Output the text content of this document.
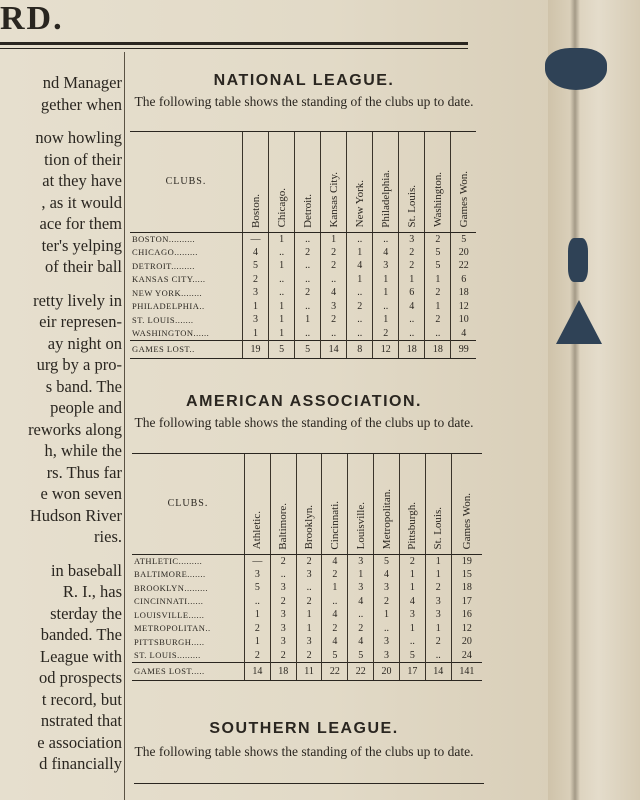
RD.
nd Manager
gether when
now howling
tion of their
at they have
, as it would
ace for them
ter's yelping
of their ball
retty lively in
eir represen-
ay night on
urg by a pro-
s band. The
people and
reworks along
h, while the
rs. Thus far
e won seven
Hudson River
ries.
in baseball
R. I., has
sterday the
banded. The
League with
od prospects
t record, but
nstrated that
e association
d financially
NATIONAL LEAGUE.
The following table shows the standing of the clubs up to date.
CLUBS.	Boston.	Chicago.	Detroit.	Kansas City.	New York.	Philadelphia.	St. Louis.	Washington.	Games Won.

BOSTON..........	—	1	..	1	..	..	3	2	5
CHICAGO.........	4	..	2	2	1	4	2	5	20
DETROIT.........	5	1	..	2	4	3	2	5	22
KANSAS CITY.....	2	..	..	..	1	1	1	1	6
NEW YORK........	3	..	2	4	..	1	6	2	18
PHILADELPHIA..	1	1	..	3	2	..	4	1	12
ST. LOUIS.......	3	1	1	2	..	1	..	2	10
WASHINGTON......	1	1	..	..	..	2	..	..	4
GAMES LOST..	19	5	5	14	8	12	18	18	99
AMERICAN ASSOCIATION.
The following table shows the standing of the clubs up to date.
CLUBS.	Athletic.	Baltimore.	Brooklyn.	Cincinnati.	Louisville.	Metropolitan.	Pittsburgh.	St. Louis.	Games Won.

ATHLETIC.........	—	2	2	4	3	5	2	1	19
BALTIMORE.......	3	..	3	2	1	4	1	1	15
BROOKLYN.........	5	3	..	1	3	3	1	2	18
CINCINNATI......	..	2	2	..	4	2	4	3	17
LOUISVILLE......	1	3	1	4	..	1	3	3	16
METROPOLITAN..	2	3	1	2	2	..	1	1	12
PITTSBURGH.....	1	3	3	4	4	3	..	2	20
ST. LOUIS.........	2	2	2	5	5	3	5	..	24
GAMES LOST.....	14	18	11	22	22	20	17	14	141
SOUTHERN LEAGUE.
The following table shows the standing of the clubs up to date.
